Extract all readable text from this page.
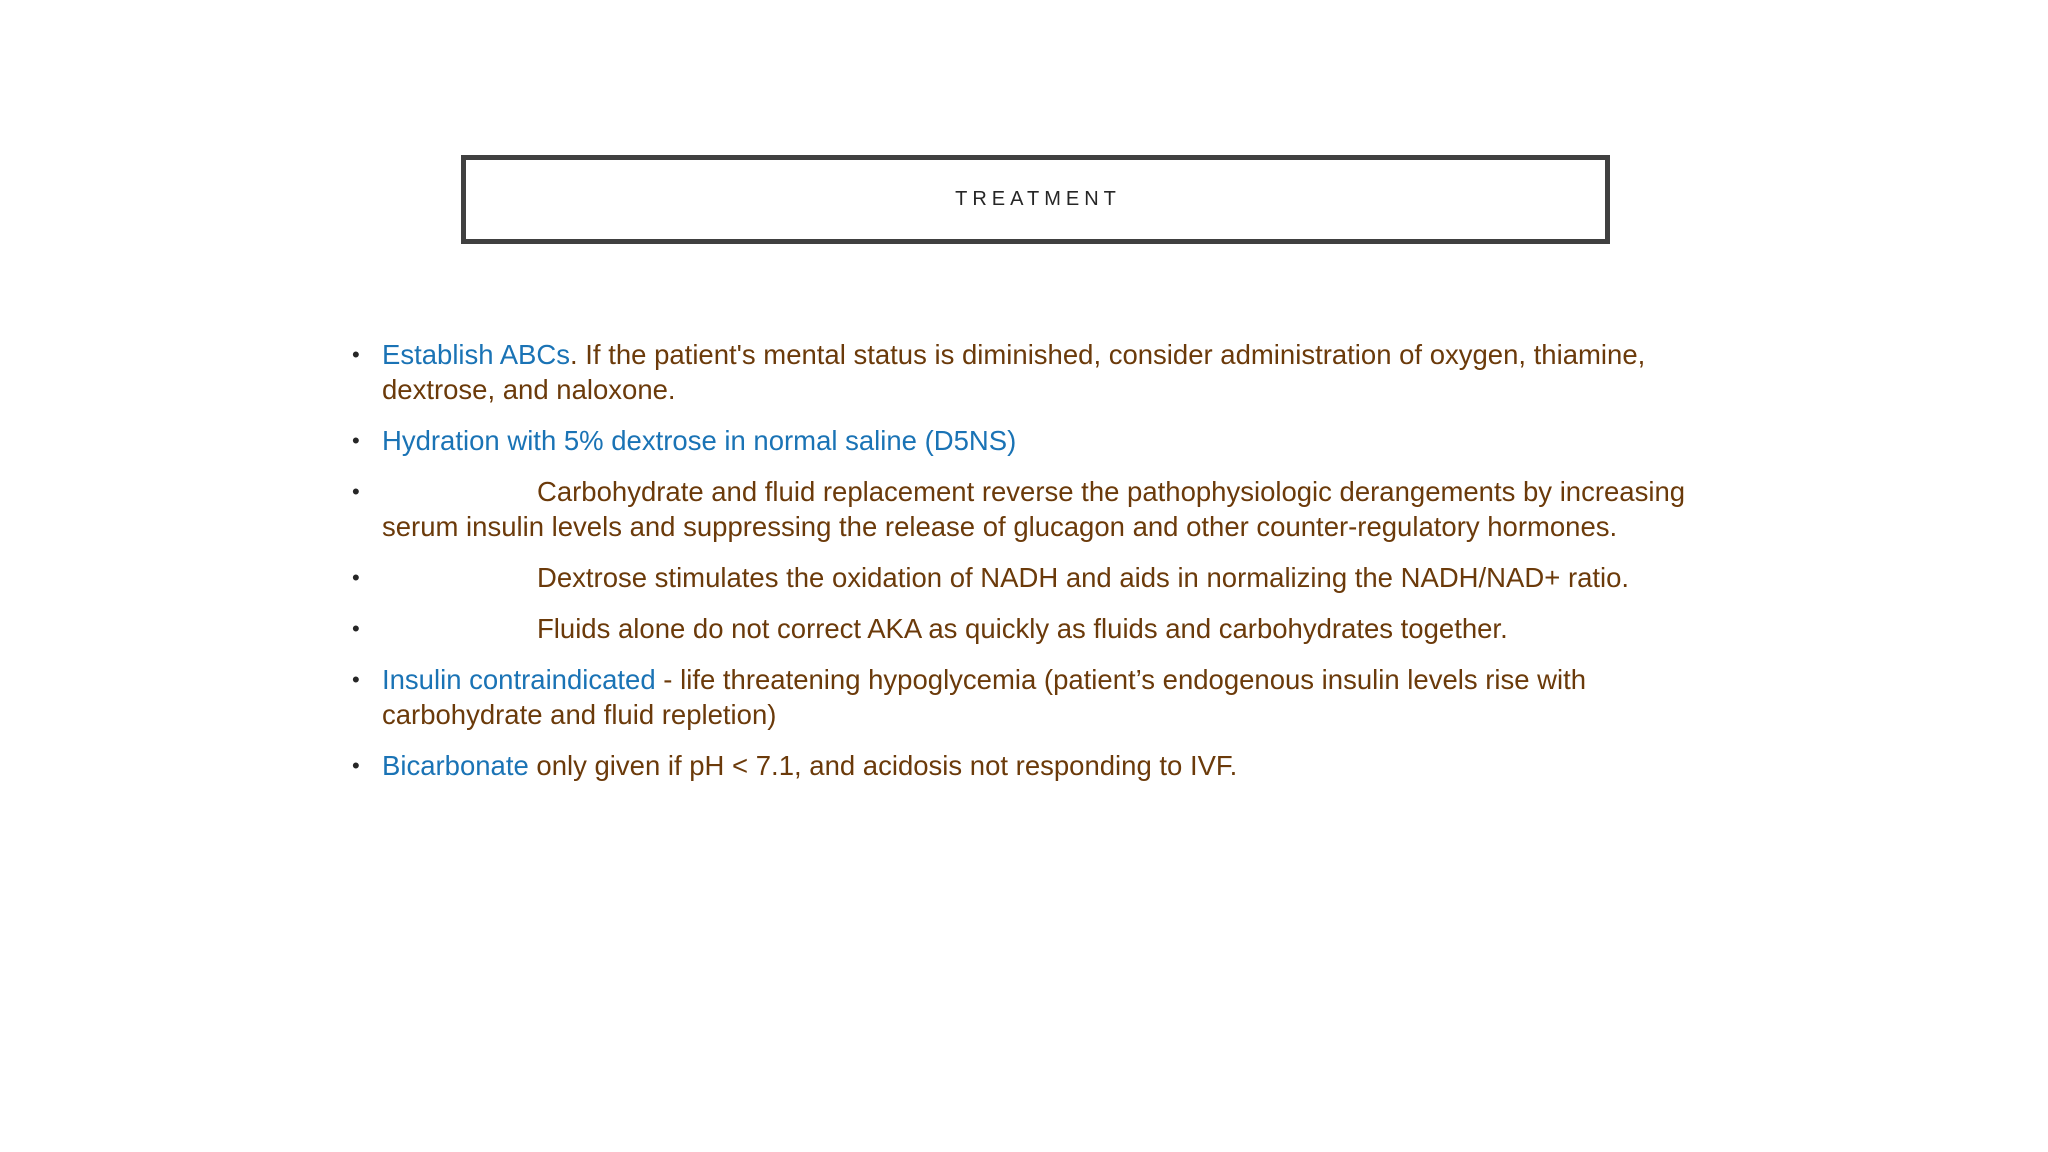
TREATMENT
• Establish ABCs. If the patient's mental status is diminished, consider administration of oxygen, thiamine, dextrose, and naloxone.
• Hydration with 5% dextrose in normal saline (D5NS)
•	Carbohydrate and fluid replacement reverse the pathophysiologic derangements by increasing serum insulin levels and suppressing the release of glucagon and other counter-regulatory hormones.
•	Dextrose stimulates the oxidation of NADH and aids in normalizing the NADH/NAD+ ratio.
•	Fluids alone do not correct AKA as quickly as fluids and carbohydrates together.
• Insulin contraindicated - life threatening hypoglycemia (patient’s endogenous insulin levels rise with carbohydrate and fluid repletion)
• Bicarbonate only given if pH < 7.1, and acidosis not responding to IVF.
